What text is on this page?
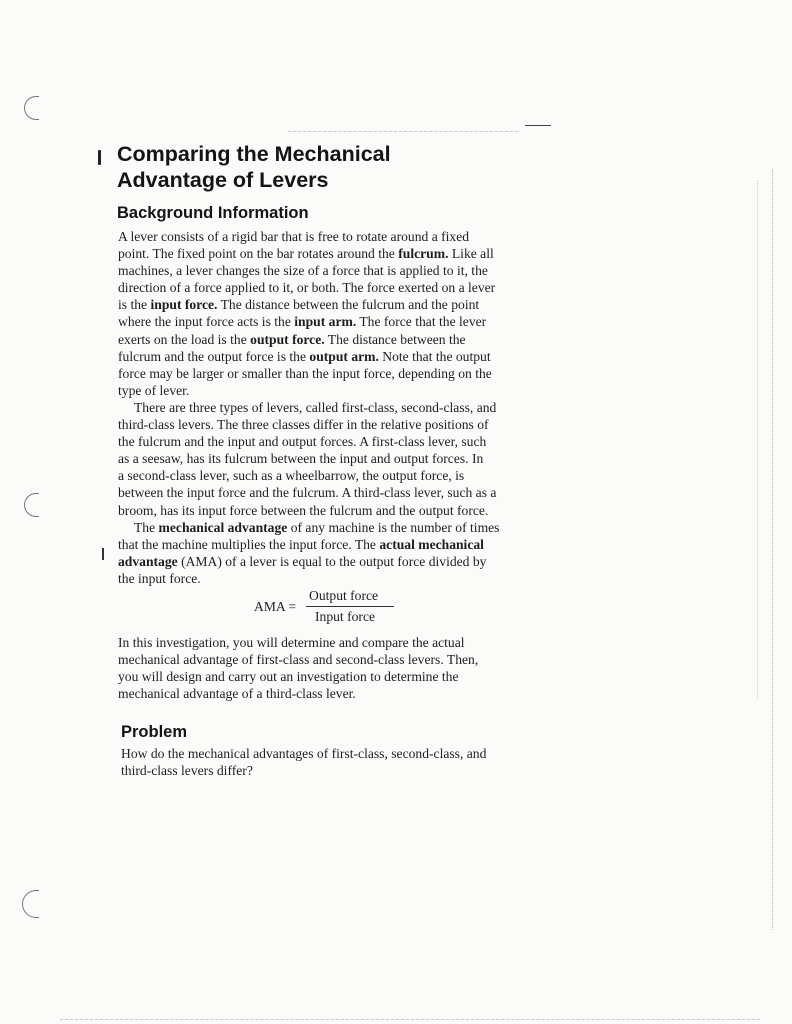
Comparing the Mechanical
Advantage of Levers
Background Information
A lever consists of a rigid bar that is free to rotate around a fixed
point. The fixed point on the bar rotates around the fulcrum. Like all
machines, a lever changes the size of a force that is applied to it, the
direction of a force applied to it, or both. The force exerted on a lever
is the input force. The distance between the fulcrum and the point
where the input force acts is the input arm. The force that the lever
exerts on the load is the output force. The distance between the
fulcrum and the output force is the output arm. Note that the output
force may be larger or smaller than the input force, depending on the
type of lever.
There are three types of levers, called first-class, second-class, and
third-class levers. The three classes differ in the relative positions of
the fulcrum and the input and output forces. A first-class lever, such
as a seesaw, has its fulcrum between the input and output forces. In
a second-class lever, such as a wheelbarrow, the output force, is
between the input force and the fulcrum. A third-class lever, such as a
broom, has its input force between the fulcrum and the output force.
The mechanical advantage of any machine is the number of times
that the machine multiplies the input force. The actual mechanical
advantage (AMA) of a lever is equal to the output force divided by
the input force.
AMA =
Output force
Input force
In this investigation, you will determine and compare the actual
mechanical advantage of first-class and second-class levers. Then,
you will design and carry out an investigation to determine the
mechanical advantage of a third-class lever.
Problem
How do the mechanical advantages of first-class, second-class, and
third-class levers differ?
